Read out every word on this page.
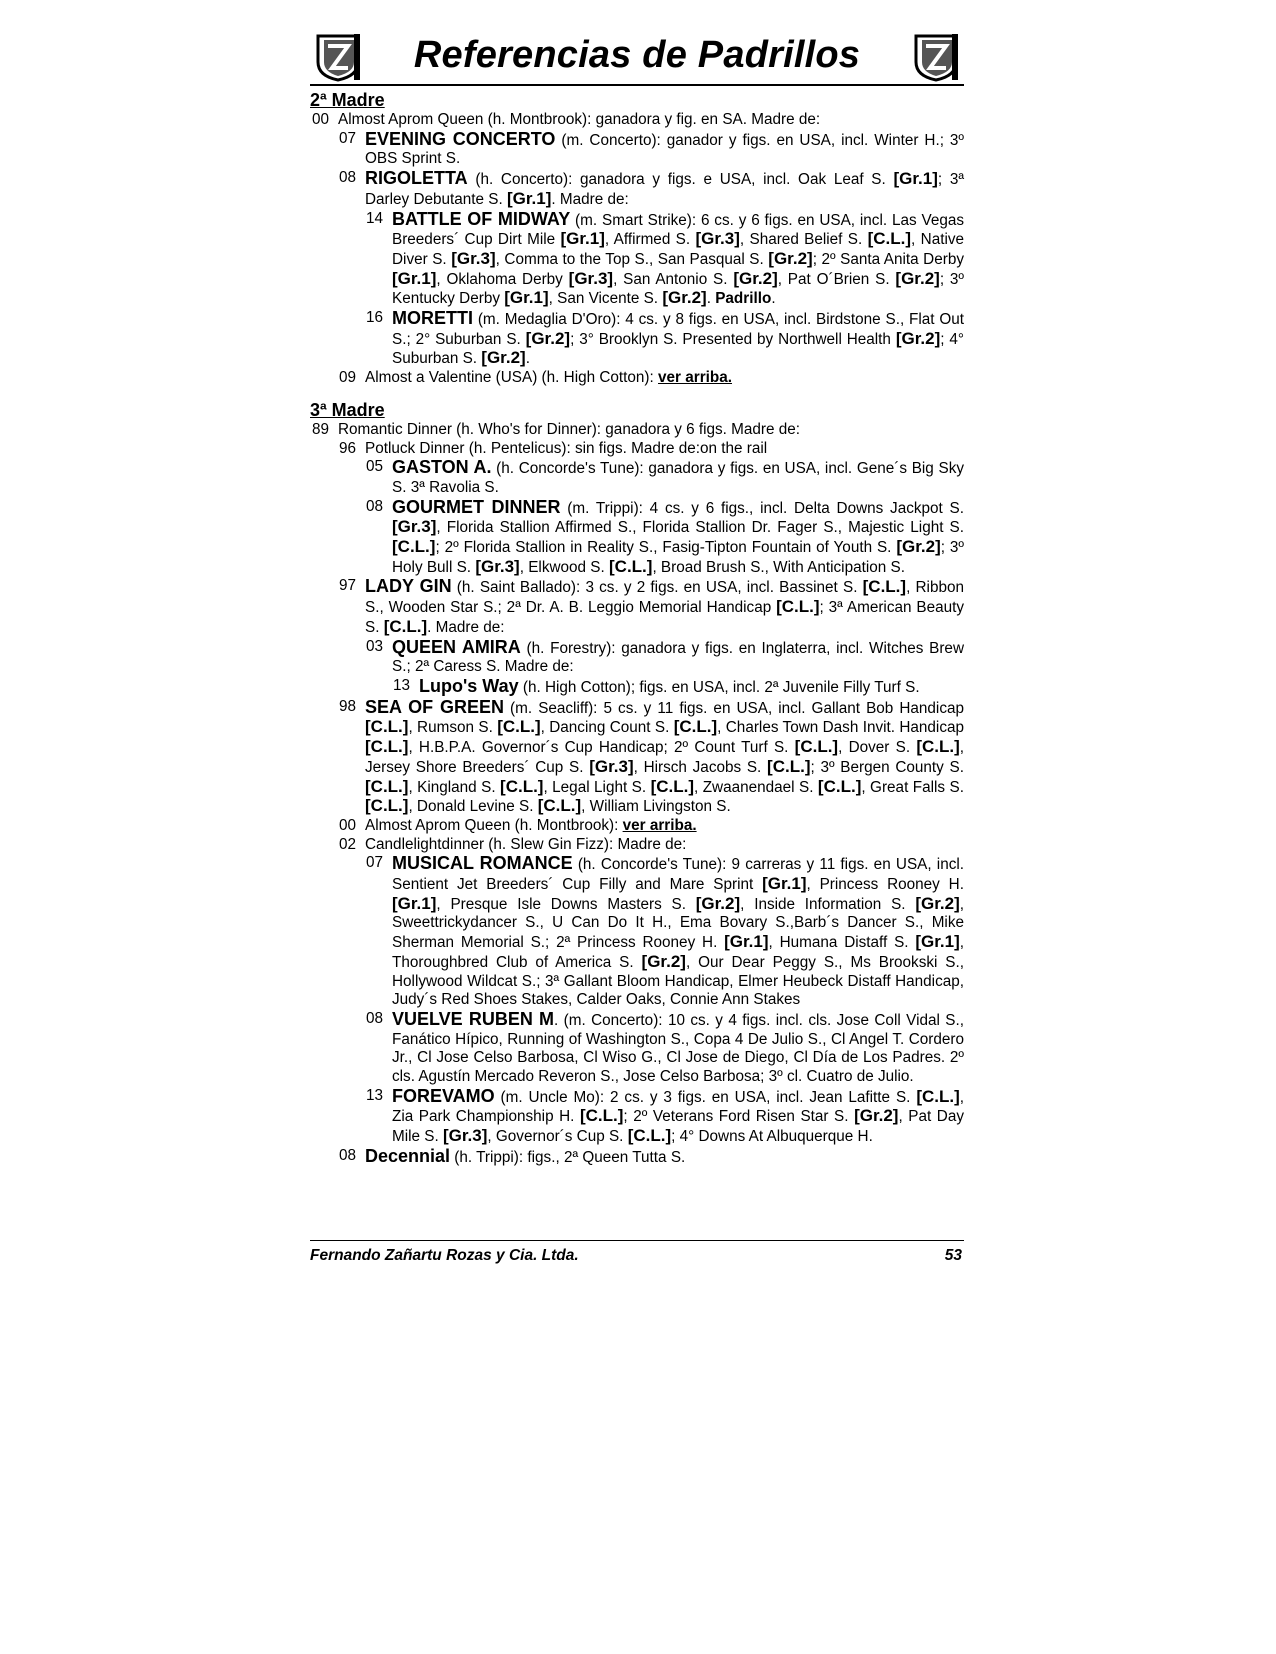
Referencias de Padrillos
2ª Madre
00 Almost Aprom Queen (h. Montbrook): ganadora y fig. en SA. Madre de:
07 EVENING CONCERTO (m. Concerto): ganador y figs. en USA, incl. Winter H.; 3º OBS Sprint S.
08 RIGOLETTA (h. Concerto): ganadora y figs. e USA, incl. Oak Leaf S. [Gr.1]; 3ª Darley Debutante S. [Gr.1]. Madre de:
14 BATTLE OF MIDWAY (m. Smart Strike): 6 cs. y 6 figs. en USA, incl. Las Vegas Breeders´ Cup Dirt Mile [Gr.1], Affirmed S. [Gr.3], Shared Belief S. [C.L.], Native Diver S. [Gr.3], Comma to the Top S., San Pasqual S. [Gr.2]; 2º Santa Anita Derby [Gr.1], Oklahoma Derby [Gr.3], San Antonio S. [Gr.2], Pat O´Brien S. [Gr.2]; 3º Kentucky Derby [Gr.1], San Vicente S. [Gr.2]. Padrillo.
16 MORETTI (m. Medaglia D'Oro): 4 cs. y 8 figs. en USA, incl. Birdstone S., Flat Out S.; 2° Suburban S. [Gr.2]; 3° Brooklyn S. Presented by Northwell Health [Gr.2]; 4° Suburban S. [Gr.2].
09 Almost a Valentine (USA) (h. High Cotton): ver arriba.
3ª Madre
89 Romantic Dinner (h. Who's for Dinner): ganadora y 6 figs. Madre de:
96 Potluck Dinner (h. Pentelicus): sin figs. Madre de:on the rail
05 GASTON A. (h. Concorde's Tune): ganadora y figs. en USA, incl. Gene´s Big Sky S. 3ª Ravolia S.
08 GOURMET DINNER (m. Trippi): 4 cs. y 6 figs., incl. Delta Downs Jackpot S. [Gr.3], Florida Stallion Affirmed S., Florida Stallion Dr. Fager S., Majestic Light S. [C.L.]; 2º Florida Stallion in Reality S., Fasig-Tipton Fountain of Youth S. [Gr.2]; 3º Holy Bull S. [Gr.3], Elkwood S. [C.L.], Broad Brush S., With Anticipation S.
97 LADY GIN (h. Saint Ballado): 3 cs. y 2 figs. en USA, incl. Bassinet S. [C.L.], Ribbon S., Wooden Star S.; 2ª Dr. A. B. Leggio Memorial Handicap [C.L.]; 3ª American Beauty S. [C.L.]. Madre de:
03 QUEEN AMIRA (h. Forestry): ganadora y figs. en Inglaterra, incl. Witches Brew S.; 2ª Caress S. Madre de:
13 Lupo's Way (h. High Cotton); figs. en USA, incl. 2ª Juvenile Filly Turf S.
98 SEA OF GREEN (m. Seacliff): 5 cs. y 11 figs. en USA, incl. Gallant Bob Handicap [C.L.], Rumson S. [C.L.], Dancing Count S. [C.L.], Charles Town Dash Invit. Handicap [C.L.], H.B.P.A. Governor´s Cup Handicap; 2º Count Turf S. [C.L.], Dover S. [C.L.], Jersey Shore Breeders´ Cup S. [Gr.3], Hirsch Jacobs S. [C.L.]; 3º Bergen County S. [C.L.], Kingland S. [C.L.], Legal Light S. [C.L.], Zwaanendael S. [C.L.], Great Falls S. [C.L.], Donald Levine S. [C.L.], William Livingston S.
00 Almost Aprom Queen (h. Montbrook): ver arriba.
02 Candlelightdinner (h. Slew Gin Fizz): Madre de:
07 MUSICAL ROMANCE (h. Concorde's Tune): 9 carreras y 11 figs. en USA, incl. Sentient Jet Breeders´ Cup Filly and Mare Sprint [Gr.1], Princess Rooney H. [Gr.1], Presque Isle Downs Masters S. [Gr.2], Inside Information S. [Gr.2], Sweettrickydancer S., U Can Do It H., Ema Bovary S.,Barb´s Dancer S., Mike Sherman Memorial S.; 2ª Princess Rooney H. [Gr.1], Humana Distaff S. [Gr.1], Thoroughbred Club of America S. [Gr.2], Our Dear Peggy S., Ms Brookski S., Hollywood Wildcat S.; 3ª Gallant Bloom Handicap, Elmer Heubeck Distaff Handicap, Judy´s Red Shoes Stakes, Calder Oaks, Connie Ann Stakes
08 VUELVE RUBEN M. (m. Concerto): 10 cs. y 4 figs. incl. cls. Jose Coll Vidal S., Fanático Hípico, Running of Washington S., Copa 4 De Julio S., Cl Angel T. Cordero Jr., Cl Jose Celso Barbosa, Cl Wiso G., Cl Jose de Diego, Cl Día de Los Padres. 2º cls. Agustín Mercado Reveron S., Jose Celso Barbosa; 3º cl. Cuatro de Julio.
13 FOREVAMO (m. Uncle Mo): 2 cs. y 3 figs. en USA, incl. Jean Lafitte S. [C.L.], Zia Park Championship H. [C.L.]; 2º Veterans Ford Risen Star S. [Gr.2], Pat Day Mile S. [Gr.3], Governor´s Cup S. [C.L.]; 4° Downs At Albuquerque H.
08 Decennial (h. Trippi): figs., 2ª Queen Tutta S.
Fernando Zañartu Rozas y Cia. Ltda.	53
